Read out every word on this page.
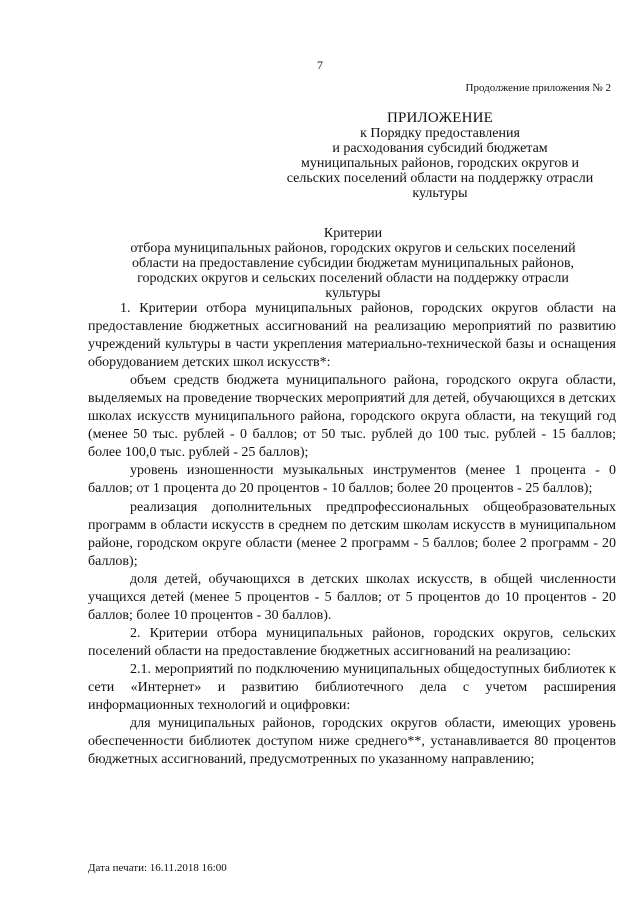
7
Продолжение приложения № 2
ПРИЛОЖЕНИЕ
к Порядку предоставления
и расходования субсидий бюджетам
муниципальных районов, городских округов и
сельских поселений области на поддержку отрасли
культуры
Критерии
отбора муниципальных районов, городских округов и сельских поселений
области на предоставление субсидии бюджетам муниципальных районов,
городских округов и сельских поселений области на поддержку отрасли
культуры

1. Критерии отбора муниципальных районов, городских округов области на предоставление бюджетных ассигнований на реализацию мероприятий по развитию учреждений культуры в части укрепления материально-технической базы и оснащения оборудованием детских школ искусств*:

объем средств бюджета муниципального района, городского округа области, выделяемых на проведение творческих мероприятий для детей, обучающихся в детских школах искусств муниципального района, городского округа области, на текущий год (менее 50 тыс. рублей - 0 баллов; от 50 тыс. рублей до 100 тыс. рублей - 15 баллов; более 100,0 тыс. рублей - 25 баллов);

уровень изношенности музыкальных инструментов (менее 1 процента - 0 баллов; от 1 процента до 20 процентов - 10 баллов; более 20 процентов - 25 баллов);

реализация дополнительных предпрофессиональных общеобразовательных программ в области искусств в среднем по детским школам искусств в муниципальном районе, городском округе области (менее 2 программ - 5 баллов; более 2 программ - 20 баллов);

доля детей, обучающихся в детских школах искусств, в общей численности учащихся детей (менее 5 процентов - 5 баллов; от 5 процентов до 10 процентов - 20 баллов; более 10 процентов - 30 баллов).

2. Критерии отбора муниципальных районов, городских округов, сельских поселений области на предоставление бюджетных ассигнований на реализацию:

2.1. мероприятий по подключению муниципальных общедоступных библиотек к сети «Интернет» и развитию библиотечного дела с учетом расширения информационных технологий и оцифровки:

для муниципальных районов, городских округов области, имеющих уровень обеспеченности библиотек доступом ниже среднего**, устанавливается 80 процентов бюджетных ассигнований, предусмотренных по указанному направлению;

Дата печати: 16.11.2018 16:00
